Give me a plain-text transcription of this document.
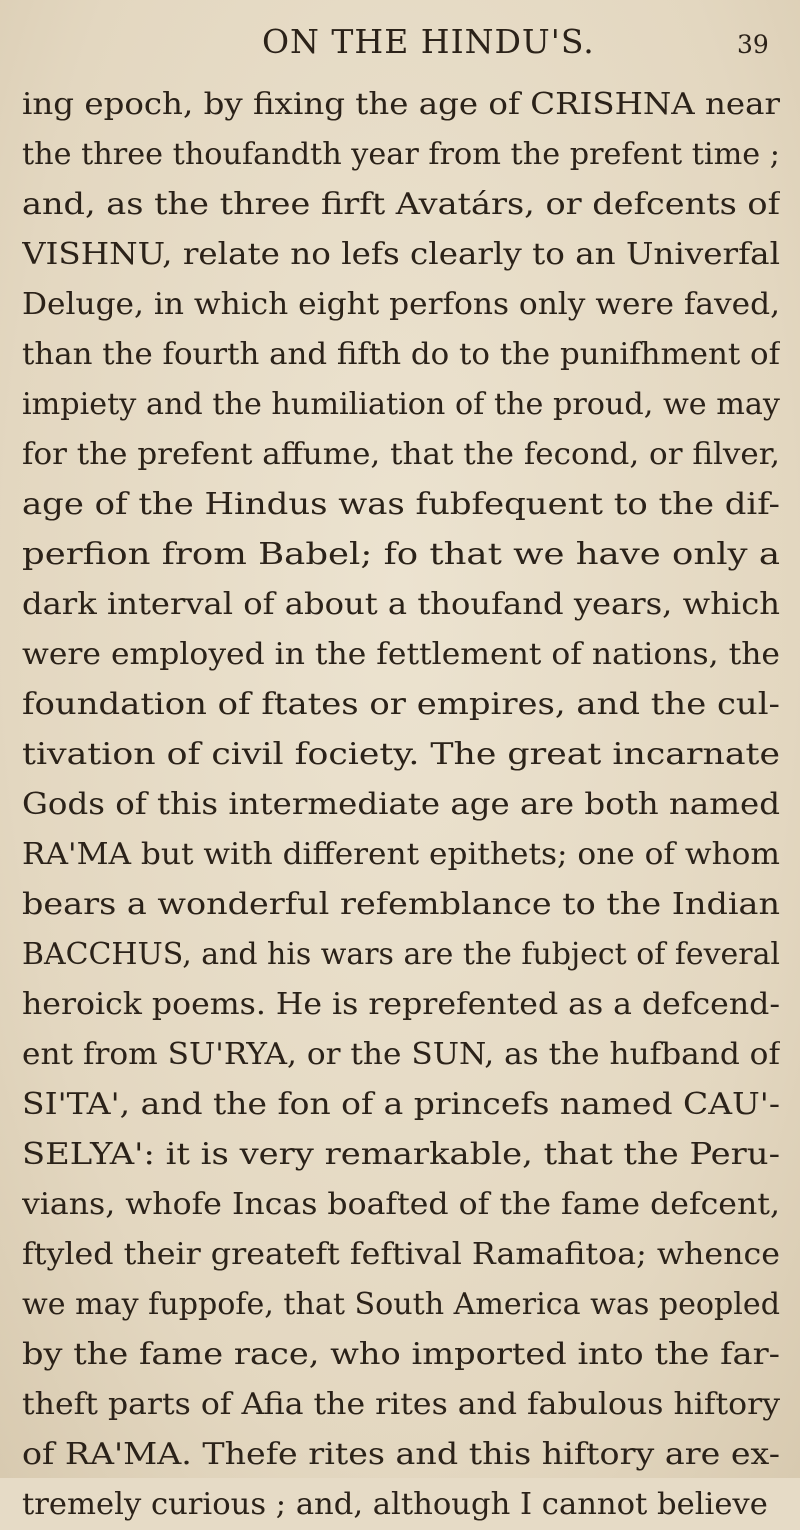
ON THE HINDU'S.	39
ing epoch, by fixing the age of CRISHNA near
the three thoufandth year from the prefent time ;
and, as the three firft Avatárs, or defcents of
VISHNU, relate no lefs clearly to an Univerfal
Deluge, in which eight perfons only were faved,
than the fourth and fifth do to the punifhment of
impiety and the humiliation of the proud, we may
for the prefent affume, that the fecond, or filver,
age of the Hindus was fubfequent to the dif-
perfion from Babel; fo that we have only a
dark interval of about a thoufand years, which
were employed in the fettlement of nations, the
foundation of ftates or empires, and the cul-
tivation of civil fociety. The great incarnate
Gods of this intermediate age are both named
RA'MA but with different epithets; one of whom
bears a wonderful refemblance to the Indian
BACCHUS, and his wars are the fubject of feveral
heroick poems. He is reprefented as a defcend-
ent from SU'RYA, or the SUN, as the hufband of
SI'TA', and the fon of a princefs named CAU'-
SELYA': it is very remarkable, that the Peru-
vians, whofe Incas boafted of the fame defcent,
ftyled their greateft feftival Ramafitoa; whence
we may fuppofe, that South America was peopled
by the fame race, who imported into the far-
theft parts of Afia the rites and fabulous hiftory
of RA'MA. Thefe rites and this hiftory are ex-
tremely curious ; and, although I cannot believe
